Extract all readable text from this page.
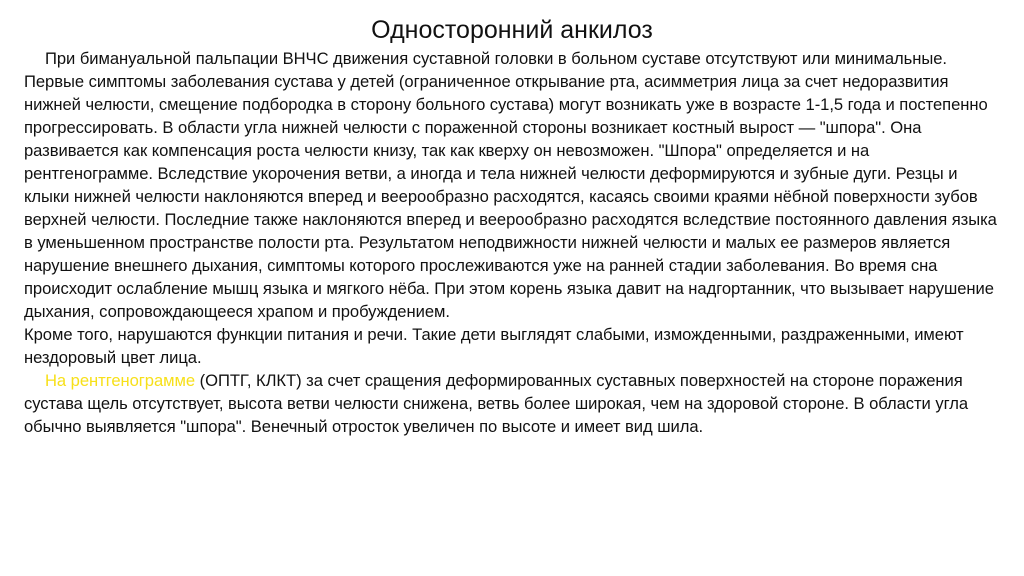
Односторонний анкилоз

При бимануальной пальпации ВНЧС движения суставной головки в больном суставе отсутствуют или минимальные. Первые симптомы заболевания сустава у детей (ограниченное открывание рта, асимметрия лица за счет недоразвития нижней челюсти, смещение подбородка в сторону больного сустава) могут возникать уже в возрасте 1-1,5 года и постепенно прогрессировать. В области угла нижней челюсти с пораженной стороны возникает костный вырост — "шпора". Она развивается как компенсация роста челюсти книзу, так как кверху он невозможен. "Шпора" определяется и на рентгенограмме. Вследствие укорочения ветви, а иногда и тела нижней челюсти деформируются и зубные дуги. Резцы и клыки нижней челюсти наклоняются вперед и веерообразно расходятся, касаясь своими краями нёбной поверхности зубов верхней челюсти. Последние также наклоняются вперед и веерообразно расходятся вследствие постоянного давления языка в уменьшенном пространстве полости рта. Результатом неподвижности нижней челюсти и малых ее размеров является нарушение внешнего дыхания, симптомы которого прослеживаются уже на ранней стадии заболевания. Во время сна происходит ослабление мышц языка и мягкого нёба. При этом корень языка давит на надгортанник, что вызывает нарушение дыхания, сопровождающееся храпом и пробуждением.

Кроме того, нарушаются функции питания и речи. Такие дети выглядят слабыми, изможденными, раздраженными, имеют нездоровый цвет лица.

На рентгенограмме (ОПТГ, КЛКТ) за счет сращения деформированных суставных поверхностей на стороне поражения сустава щель отсутствует, высота ветви челюсти снижена, ветвь более широкая, чем на здоровой стороне. В области угла обычно выявляется "шпора". Венечный отросток увеличен по высоте и имеет вид шила.
